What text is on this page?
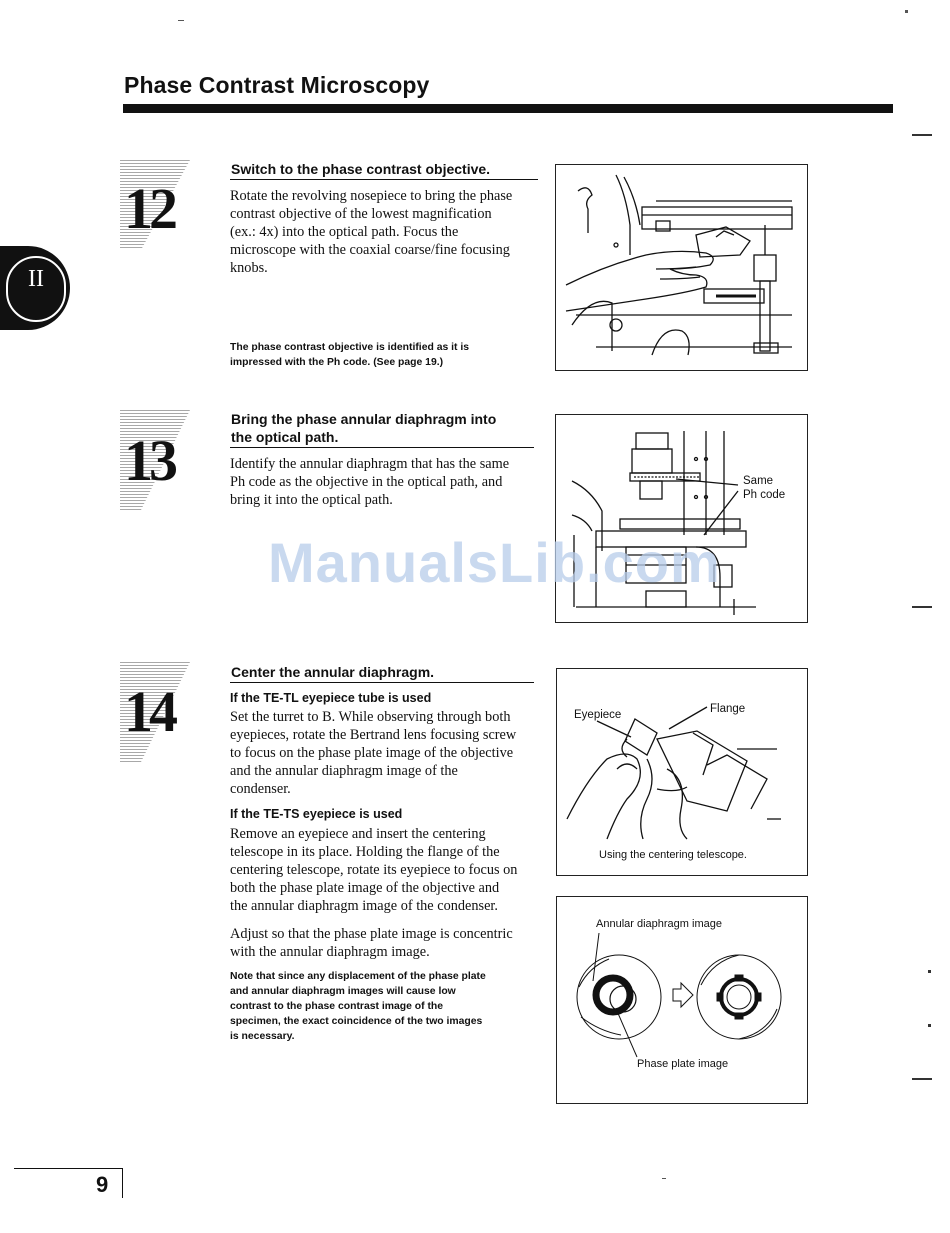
Phase Contrast Microscopy
II
12
Switch to the phase contrast objective.
Rotate the revolving nosepiece to bring the phase
contrast objective of the lowest magnification
(ex.: 4x) into the optical path. Focus the
microscope with the coaxial coarse/fine focusing
knobs.
The phase contrast objective is identified as it is
impressed with the Ph code. (See page 19.)
13
Bring the phase annular diaphragm into
the optical path.
Identify the annular diaphragm that has the same
Ph code as the objective in the optical path, and
bring it into the optical path.
Same
Ph code
ManualsLib.com
14
Center the annular diaphragm.
If the TE-TL eyepiece tube is used
Set the turret to B. While observing through both
eyepieces, rotate the Bertrand lens focusing screw
to focus on the phase plate image of the objective
and the annular diaphragm image of the
condenser.
If the TE-TS eyepiece is used
Remove an eyepiece and insert the centering
telescope in its place. Holding the flange of the
centering telescope, rotate its eyepiece to focus on
both the phase plate image of the objective and
the annular diaphragm image of the condenser.
Adjust so that the phase plate image is concentric
with the annular diaphragm image.
Note that since any displacement of the phase plate
and annular diaphragm images will cause low
contrast to the phase contrast image of the
specimen, the exact coincidence of the two images
is necessary.
Eyepiece	Flange
Using the centering telescope.
Annular diaphragm image
Phase plate image
9
